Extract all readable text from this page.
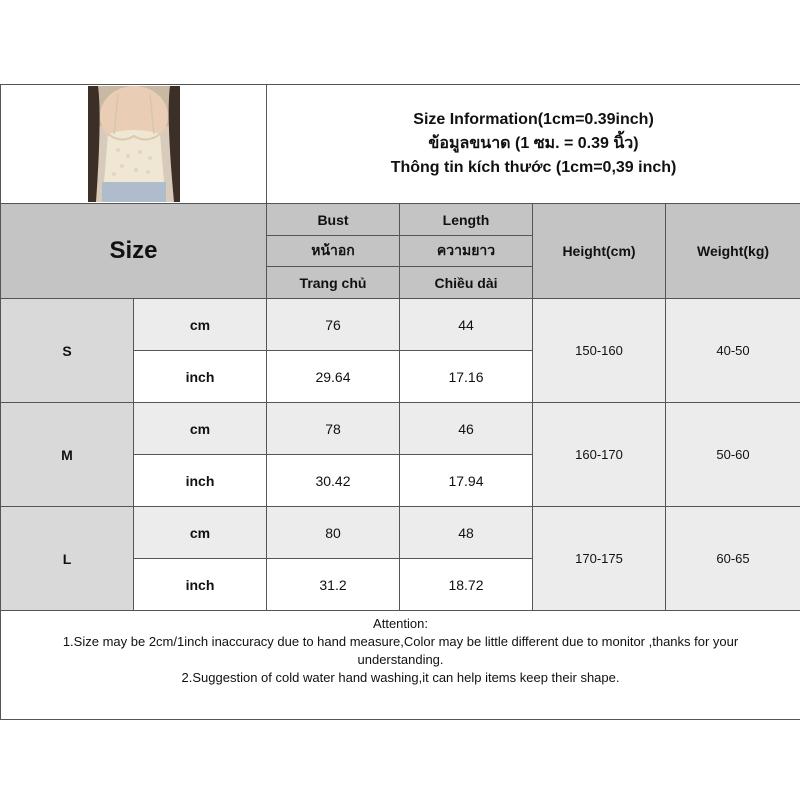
Size Information(1cm=0.39inch)
ข้อมูลขนาด (1 ซม. = 0.39 นิ้ว)
Thông tin kích thước (1cm=0,39 inch)			

Size		Bust	Length	Height(cm)	Weight(kg)
		หน้าอก	ความยาว		
		Trang chủ	Chiều dài		
S	cm	76	44	150-160	40-50
	inch	29.64	17.16		
M	cm	78	46	160-170	50-60
	inch	30.42	17.94		
L	cm	80	48	170-175	60-65
	inch	31.2	18.72		

Attention:
1.Size may be 2cm/1inch inaccuracy due to hand measure,Color may be little different due to monitor ,thanks for your understanding.
2.Suggestion of cold water hand washing,it can help items keep their shape.					
